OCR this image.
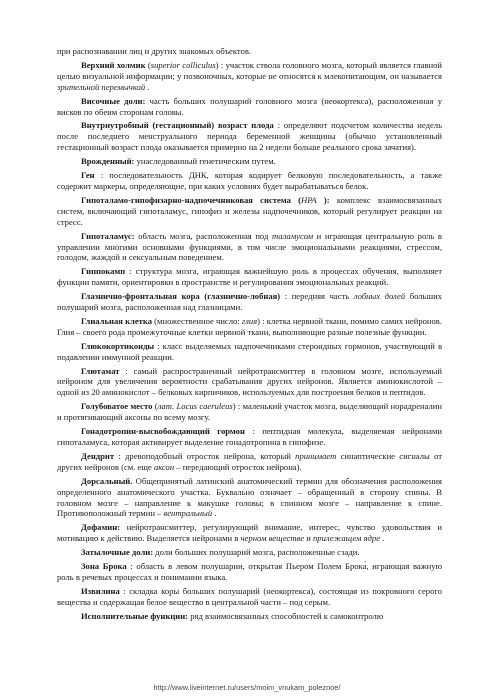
при распознавании лиц и других знакомых объектов.

Верхний холмик (superior colliculus) : участок ствола головного мозга, который является главной целью визуальной информации; у позвоночных, которые не относятся к млекопитающим, он называется зрительной перемычкой .

Височные доли: часть больших полушарий головного мозга (неокортекса), расположенная у висков по обеим сторонам головы.

Внутриутробный (гестационный) возраст плода : определяют подсчетом количества недель после последнего менструального периода беременной женщины (обычно установленный гестационный возраст плода оказывается примерно на 2 недели больше реального срока зачатия).

Врожденный: унаследованный генетическим путем.

Ген : последовательность ДНК, которая кодирует белковую последовательность, а также содержит маркеры, определяющие, при каких условиях будет вырабатываться белок.

Гипоталамо-гипофизарно-надпочечниковая система (HPA ): комплекс взаимосвязанных систем, включающий гипоталамус, гипофиз и железы надпочечников, который регулирует реакции на стресс.

Гипоталамус: область мозга, расположенная под таламусом и играющая центральную роль в управлении многими основными функциями, в том числе эмоциональными реакциями, стрессом, голодом, жаждой и сексуальным поведением.

Гиппокамп : структура мозга, играющая важнейшую роль в процессах обучения, выполняет функции памяти, ориентировки в пространстве и регулирования эмоциональных реакций.

Глазнично-фронтальная кора (глазнично-лобная) : передняя часть лобных долей больших полушарий мозга, расположенная над глазницами.

Глиальная клетка (множественное число: глия) : клетка нервной ткани, помимо самих нейронов. Глия – своего рода промежуточные клетки нервной ткани, выполняющие разные полезные функции.

Глюкокортикоиды : класс выделяемых надпочечниками стероидных гормонов, участвующий в подавлении иммунной реакции.

Глютамат : самый распространенный нейротрансмиттер в головном мозге, используемый нейроном для увеличения вероятности срабатывания других нейронов. Является аминокислотой – одной из 20 аминокислот – белковых кирпичиков, используемых для построения белков и пептидов.

Голубоватое место (лат. Locus caeruleus) : маленький участок мозга, выделяющий норадреналин и протягивающий аксоны по всему мозгу.

Гонадотропин-высвобождающий гормон : пептидная молекула, выделяемая нейронами гипоталамуса, которая активирует выделение гонадотропина в гипофизе.

Дендрит : древоподобный отросток нейрона, который принимает синаптические сигналы от других нейронов (см. еще аксон – передающий отросток нейрона).

Дорсальный. Общепринятый латинский анатомический термин для обозначения расположения определенного анатомического участка. Буквально означает – обращенный в сторону спины. В головном мозге – направление к макушке головы; в спинном мозге – направление к спине. Противоположный термин – вентральный .

Дофамин: нейротрансмиттер, регулирующий внимание, интерес, чувство удовольствия и мотивацию к действию. Выделяется нейронами в черном веществе и прилежащем ядре .

Затылочные доли: доли больших полушарий мозга, расположенные сзади.

Зона Брока : область в левом полушарии, открытая Пьером Полем Брока́, играющая важную роль в речевых процессах и понимании языка.

Извилина : складка коры больших полушарий (неокортекса), состоящая из покровного серого вещества и содержащая белое вещество в центральной части – под серым.

Исполнительные функции: ряд взаимосвязанных способностей к самоконтролю

http://www.liveinternet.ru/users/moim_vnukam_poleznoe/
